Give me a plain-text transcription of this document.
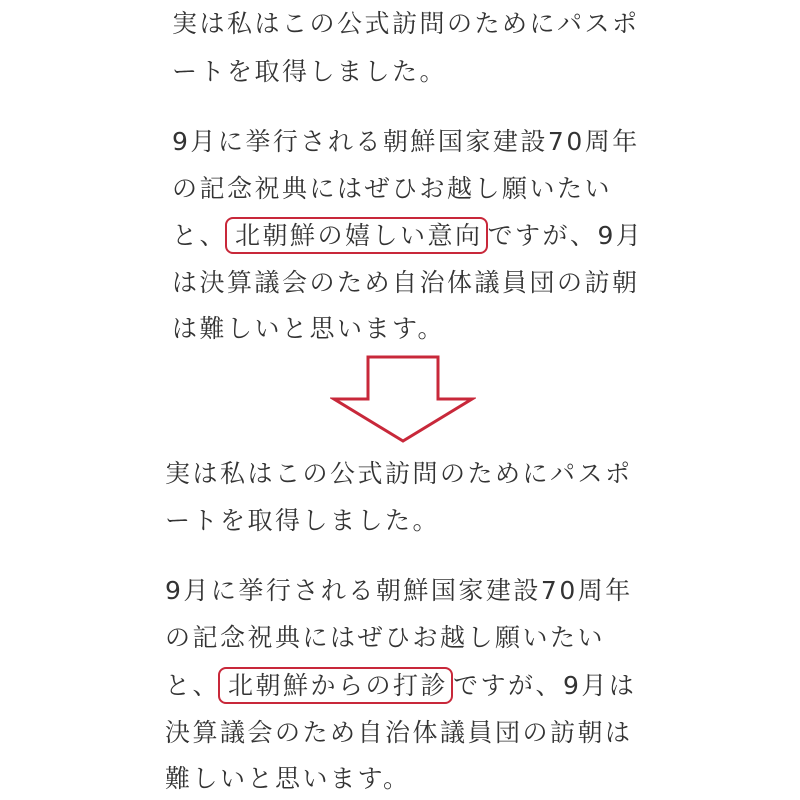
実は私はこの公式訪問のためにパスポ
ートを取得しました。
9月に挙行される朝鮮国家建設70周年
の記念祝典にはぜひお越し願いたい
と、 北朝鮮の嬉しい意向 ですが、9月
は決算議会のため自治体議員団の訪朝
は難しいと思います。
実は私はこの公式訪問のためにパスポ
ートを取得しました。
9月に挙行される朝鮮国家建設70周年
の記念祝典にはぜひお越し願いたい
と、 北朝鮮からの打診 ですが、9月は
決算議会のため自治体議員団の訪朝は
難しいと思います。
